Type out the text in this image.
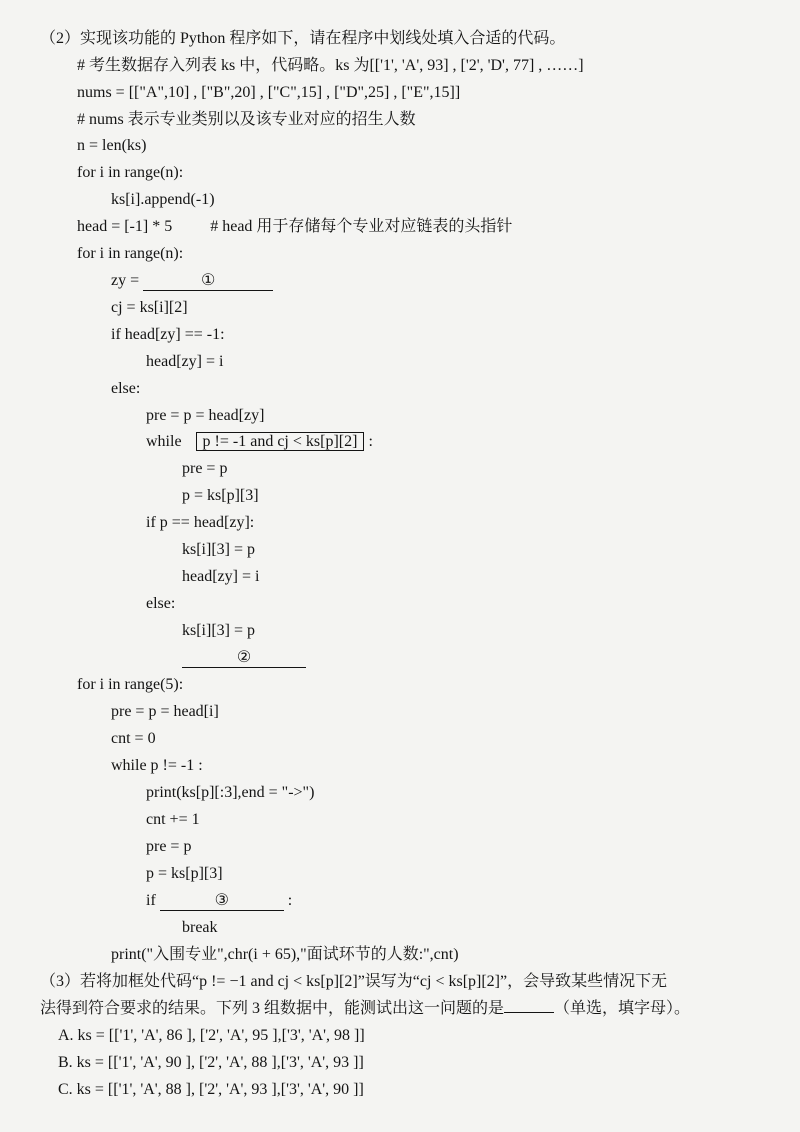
（2）实现该功能的 Python 程序如下，请在程序中划线处填入合适的代码。
# 考生数据存入列表 ks 中，代码略。ks 为[['1', 'A', 93] , ['2', 'D', 77] , ……]
nums = [["A",10] , ["B",20] , ["C",15] , ["D",25] , ["E",15]]
# nums 表示专业类别以及该专业对应的招生人数
n = len(ks)
for i in range(n):
ks[i].append(-1)
head = [-1] * 5 # head 用于存储每个专业对应链表的头指针
for i in range(n):
zy =	①
cj = ks[i][2]
if head[zy] == -1:
head[zy] = i
else:
pre = p = head[zy]
while p != -1 and cj < ks[p][2] :
pre = p
p = ks[p][3]
if p == head[zy]:
ks[i][3] = p
head[zy] = i
else:
ks[i][3] = p
②
for i in range(5):
pre = p = head[i]
cnt = 0
while p != -1 :
print(ks[p][:3],end = "->")
cnt += 1
pre = p
p = ks[p][3]
if	③	:
break
print("入围专业",chr(i + 65),"面试环节的人数:",cnt)
（3）若将加框处代码“p != −1 and cj < ks[p][2]”误写为“cj < ks[p][2]”，会导致某些情况下无
法得到符合要求的结果。下列 3 组数据中，能测试出这一问题的是	（单选，填字母）。
A. ks = [['1', 'A', 86 ], ['2', 'A', 95 ],['3', 'A', 98 ]]
B. ks = [['1', 'A', 90 ], ['2', 'A', 88 ],['3', 'A', 93 ]]
C. ks = [['1', 'A', 88 ], ['2', 'A', 93 ],['3', 'A', 90 ]]
